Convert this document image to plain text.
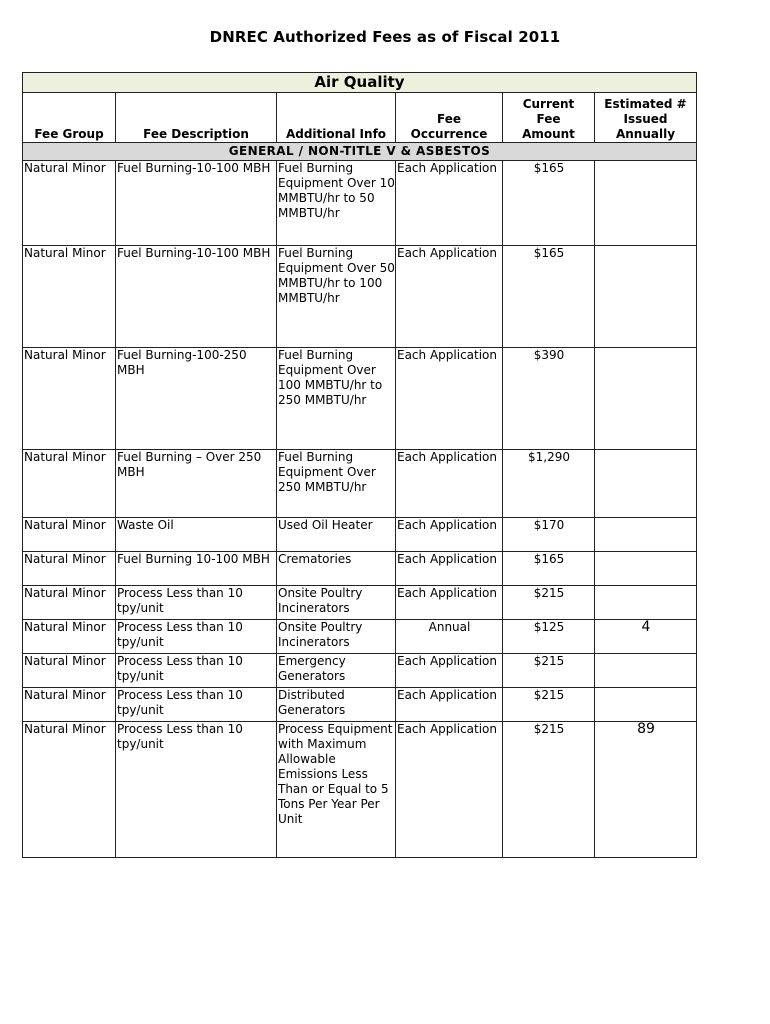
DNREC Authorized Fees as of Fiscal 2011
Air Quality					
Fee Group	Fee Description	Additional Info	Fee Occurrence	Current Fee Amount	Estimated # Issued Annually
GENERAL / NON-TITLE V & ASBESTOS					
Natural Minor	Fuel Burning-10-100 MBH	Fuel Burning Equipment Over 10 MMBTU/hr to 50 MMBTU/hr	Each Application	$165	
Natural Minor	Fuel Burning-10-100 MBH	Fuel Burning Equipment Over 50 MMBTU/hr to 100 MMBTU/hr	Each Application	$165	
Natural Minor	Fuel Burning-100-250 MBH	Fuel Burning Equipment Over 100 MMBTU/hr to 250 MMBTU/hr	Each Application	$390	
Natural Minor	Fuel Burning – Over 250 MBH	Fuel Burning Equipment Over 250 MMBTU/hr	Each Application	$1,290	
Natural Minor	Waste Oil	Used Oil Heater	Each Application	$170	
Natural Minor	Fuel Burning 10-100 MBH	Crematories	Each Application	$165	
Natural Minor	Process Less than 10 tpy/unit	Onsite Poultry Incinerators	Each Application	$215	
Natural Minor	Process Less than 10 tpy/unit	Onsite Poultry Incinerators	Annual	$125	4
Natural Minor	Process Less than 10 tpy/unit	Emergency Generators	Each Application	$215	
Natural Minor	Process Less than 10 tpy/unit	Distributed Generators	Each Application	$215	
Natural Minor	Process Less than 10 tpy/unit	Process Equipment with Maximum Allowable Emissions Less Than or Equal to 5 Tons Per Year Per Unit	Each Application	$215	89
